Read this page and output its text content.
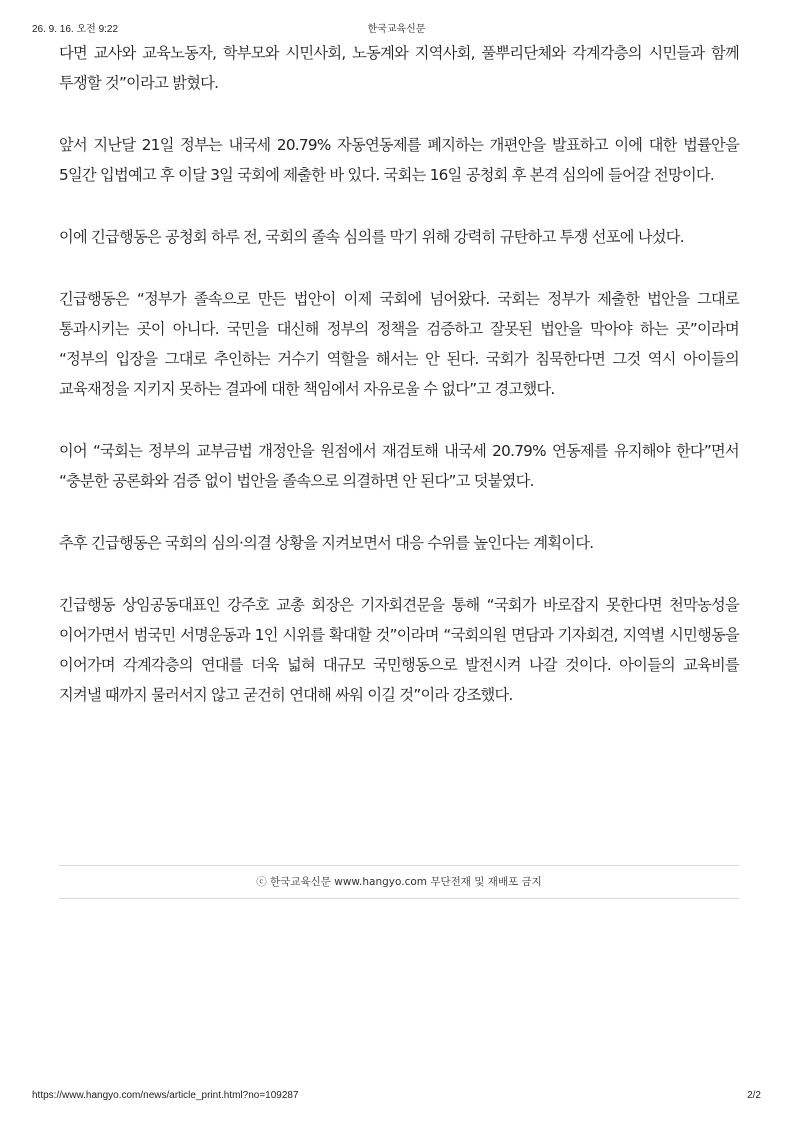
26. 9. 16. 오전 9:22	한국교육신문

다면 교사와 교육노동자, 학부모와 시민사회, 노동계와 지역사회, 풀뿌리단체와 각계각층의 시민들과 함께 투쟁할 것”이라고 밝혔다.

앞서 지난달 21일 정부는 내국세 20.79% 자동연동제를 폐지하는 개편안을 발표하고 이에 대한 법률안을 5일간 입법예고 후 이달 3일 국회에 제출한 바 있다. 국회는 16일 공청회 후 본격 심의에 들어갈 전망이다.

이에 긴급행동은 공청회 하루 전, 국회의 졸속 심의를 막기 위해 강력히 규탄하고 투쟁 선포에 나섰다.

긴급행동은 “정부가 졸속으로 만든 법안이 이제 국회에 넘어왔다. 국회는 정부가 제출한 법안을 그대로 통과시키는 곳이 아니다. 국민을 대신해 정부의 정책을 검증하고 잘못된 법안을 막아야 하는 곳”이라며 “정부의 입장을 그대로 추인하는 거수기 역할을 해서는 안 된다. 국회가 침묵한다면 그것 역시 아이들의 교육재정을 지키지 못하는 결과에 대한 책임에서 자유로울 수 없다”고 경고했다.

이어 “국회는 정부의 교부금법 개정안을 원점에서 재검토해 내국세 20.79% 연동제를 유지해야 한다”면서 “충분한 공론화와 검증 없이 법안을 졸속으로 의결하면 안 된다”고 덧붙였다.

추후 긴급행동은 국회의 심의·의결 상황을 지켜보면서 대응 수위를 높인다는 계획이다.

긴급행동 상임공동대표인 강주호 교총 회장은 기자회견문을 통해 “국회가 바로잡지 못한다면 천막농성을 이어가면서 범국민 서명운동과 1인 시위를 확대할 것”이라며 “국회의원 면담과 기자회견, 지역별 시민행동을 이어가며 각계각층의 연대를 더욱 넓혀 대규모 국민행동으로 발전시켜 나갈 것이다. 아이들의 교육비를 지켜낼 때까지 물러서지 않고 굳건히 연대해 싸워 이길 것”이라 강조했다.

ⓒ 한국교육신문 www.hangyo.com 무단전재 및 재배포 금지
https://www.hangyo.com/news/article_print.html?no=109287	2/2
